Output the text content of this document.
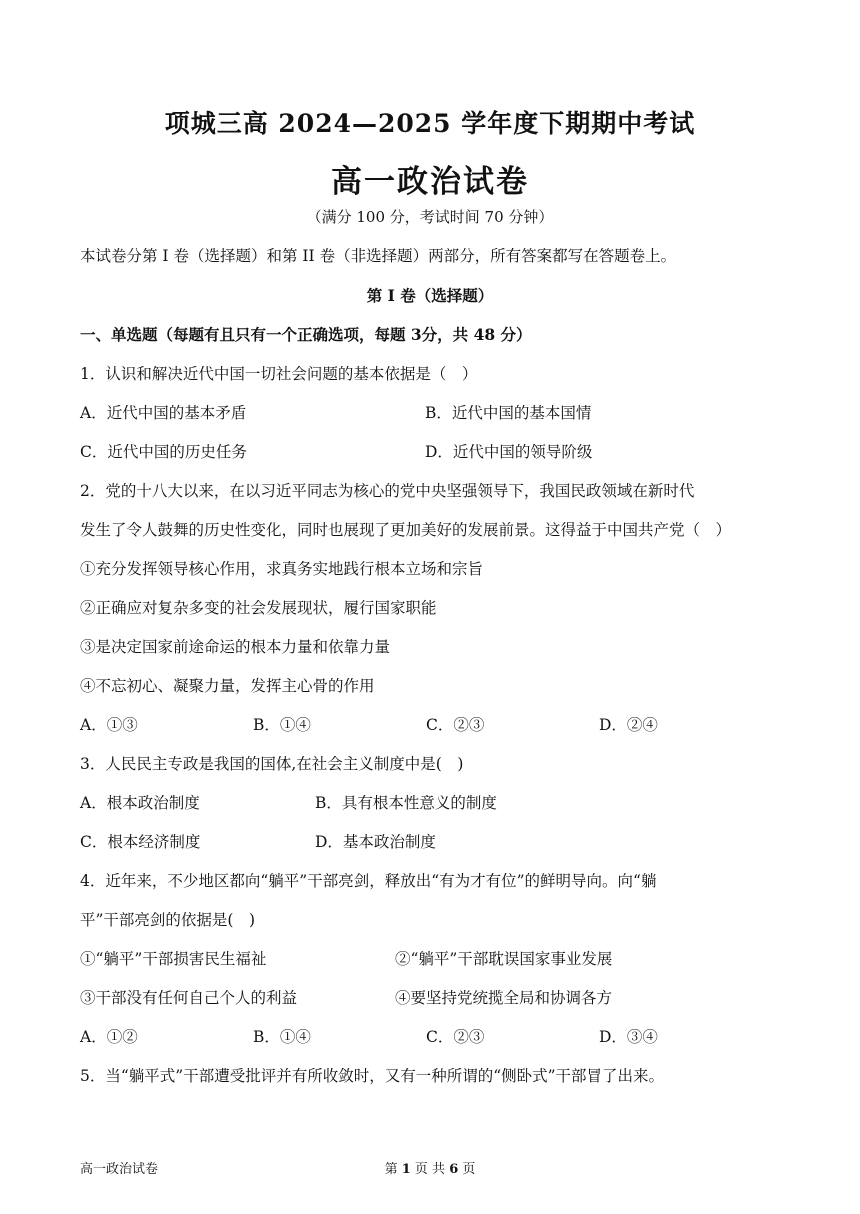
项城三高 2024—2025 学年度下期期中考试
高一政治试卷
（满分 100 分，考试时间 70 分钟）
本试卷分第 I 卷（选择题）和第 II 卷（非选择题）两部分，所有答案都写在答题卷上。
第 I 卷（选择题）
一、单选题（每题有且只有一个正确选项，每题 3分，共 48 分）
1．认识和解决近代中国一切社会问题的基本依据是（　）
A．近代中国的基本矛盾	B．近代中国的基本国情
C．近代中国的历史任务	D．近代中国的领导阶级
2．党的十八大以来，在以习近平同志为核心的党中央坚强领导下，我国民政领域在新时代
发生了令人鼓舞的历史性变化，同时也展现了更加美好的发展前景。这得益于中国共产党（　）
①充分发挥领导核心作用，求真务实地践行根本立场和宗旨
②正确应对复杂多变的社会发展现状，履行国家职能
③是决定国家前途命运的根本力量和依靠力量
④不忘初心、凝聚力量，发挥主心骨的作用
A．①③	B．①④	C．②③	D．②④
3．人民民主专政是我国的国体,在社会主义制度中是(　)
A．根本政治制度	B．具有根本性意义的制度
C．根本经济制度	D．基本政治制度
4．近年来，不少地区都向“躺平”干部亮剑，释放出“有为才有位”的鲜明导向。向“躺
平”干部亮剑的依据是(　)
①“躺平”干部损害民生福祉	②“躺平”干部耽误国家事业发展
③干部没有任何自己个人的利益	④要坚持党统揽全局和协调各方
A．①②	B．①④	C．②③	D．③④
5．当“躺平式”干部遭受批评并有所收敛时，又有一种所谓的“侧卧式”干部冒了出来。
高一政治试卷	第 1 页 共 6 页
